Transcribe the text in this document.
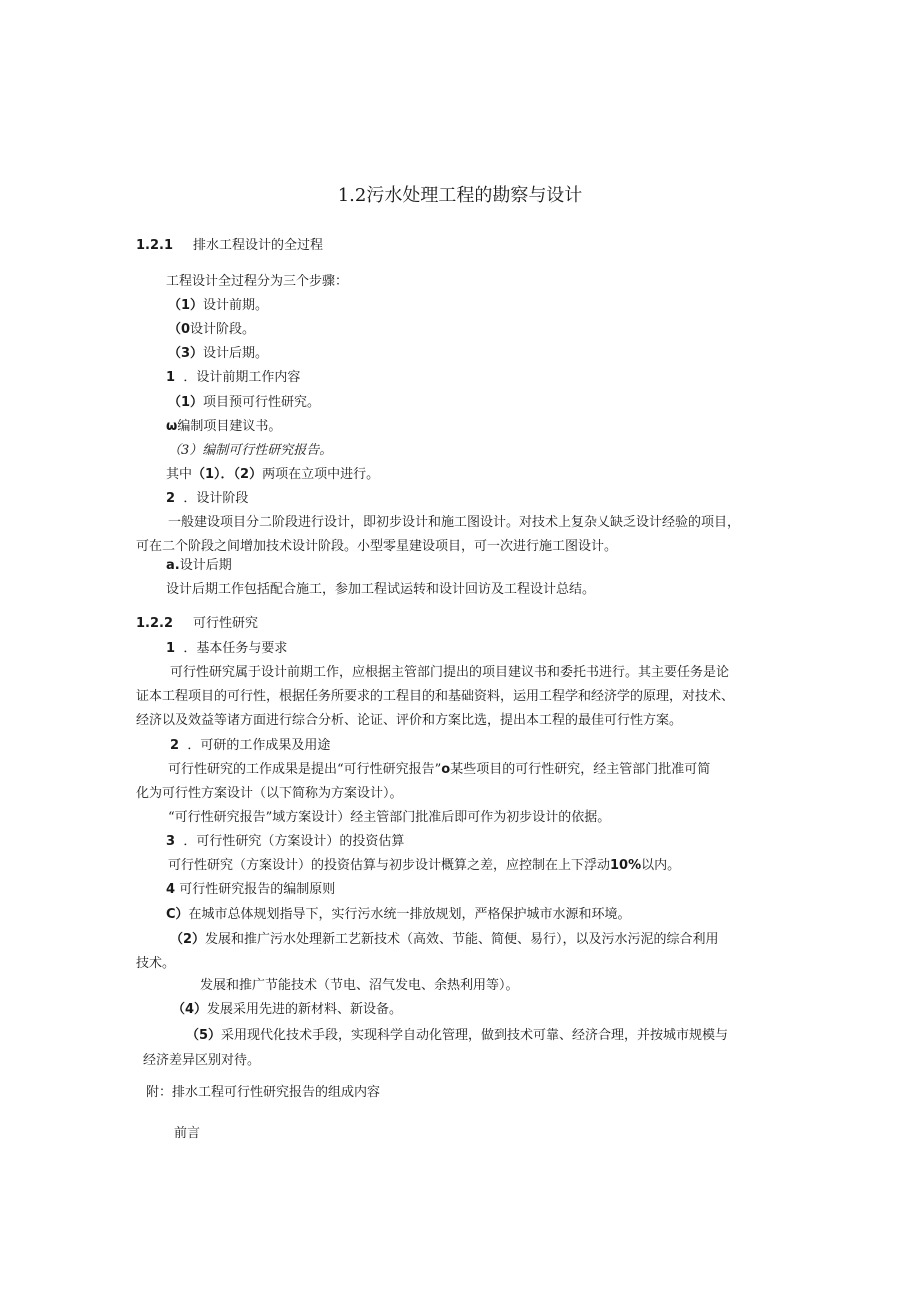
1.2污水处理工程的勘察与设计
1.2.1 排水工程设计的全过程
工程设计全过程分为三个步骤：
（1）设计前期。
（0设计阶段。
（3）设计后期。
1 ．设计前期工作内容
（1）项目预可行性研究。
ω编制项目建议书。
（3）编制可行性研究报告。
其中（1）．（2）两项在立项中进行。
2 ．设计阶段
一般建设项目分二阶段进行设计，即初步设计和施工图设计。对技术上复杂乂缺乏设计经验的项目，
可在二个阶段之间增加技术设计阶段。小型零星建设项目，可一次进行施工图设计。
a.设计后期
设计后期工作包括配合施工，参加工程试运转和设计回访及工程设计总结。
1.2.2 可行性研究
1 ．基本任务与要求
可行性研究属于设计前期工作，应根据主管部门提出的项目建议书和委托书进行。其主要任务是论
证本工程项目的可行性，根据任务所要求的工程目的和基础资料，运用工程学和经济学的原理，对技术、
经济以及效益等诸方面进行综合分析、论证、评价和方案比选，提出本工程的最佳可行性方案。
2 ．可研的工作成果及用途
可行性研究的工作成果是提出“可行性研究报告”o某些项目的可行性研究，经主管部门批准可简
化为可行性方案设计（以下简称为方案设计）。
“可行性研究报告”域方案设计）经主管部门批准后即可作为初步设计的依据。
3 ．可行性研究（方案设计）的投资估算
可行性研究（方案设计）的投资估算与初步设计概算之差，应控制在上下浮动10%以内。
4 可行性研究报告的编制原则
C）在城市总体规划指导下，实行污水统一排放规划，严格保护城市水源和环境。
（2）发展和推广污水处理新工艺新技术（高效、节能、简便、易行），以及污水污泥的综合利用
技术。
发展和推广节能技术（节电、沼气发电、余热利用等）。
（4）发展采用先进的新材料、新设备。
（5）采用现代化技术手段，实现科学自动化管理，做到技术可靠、经济合理，并按城市规模与
经济差异区别对待。
附：排水工程可行性研究报告的组成内容
前言
